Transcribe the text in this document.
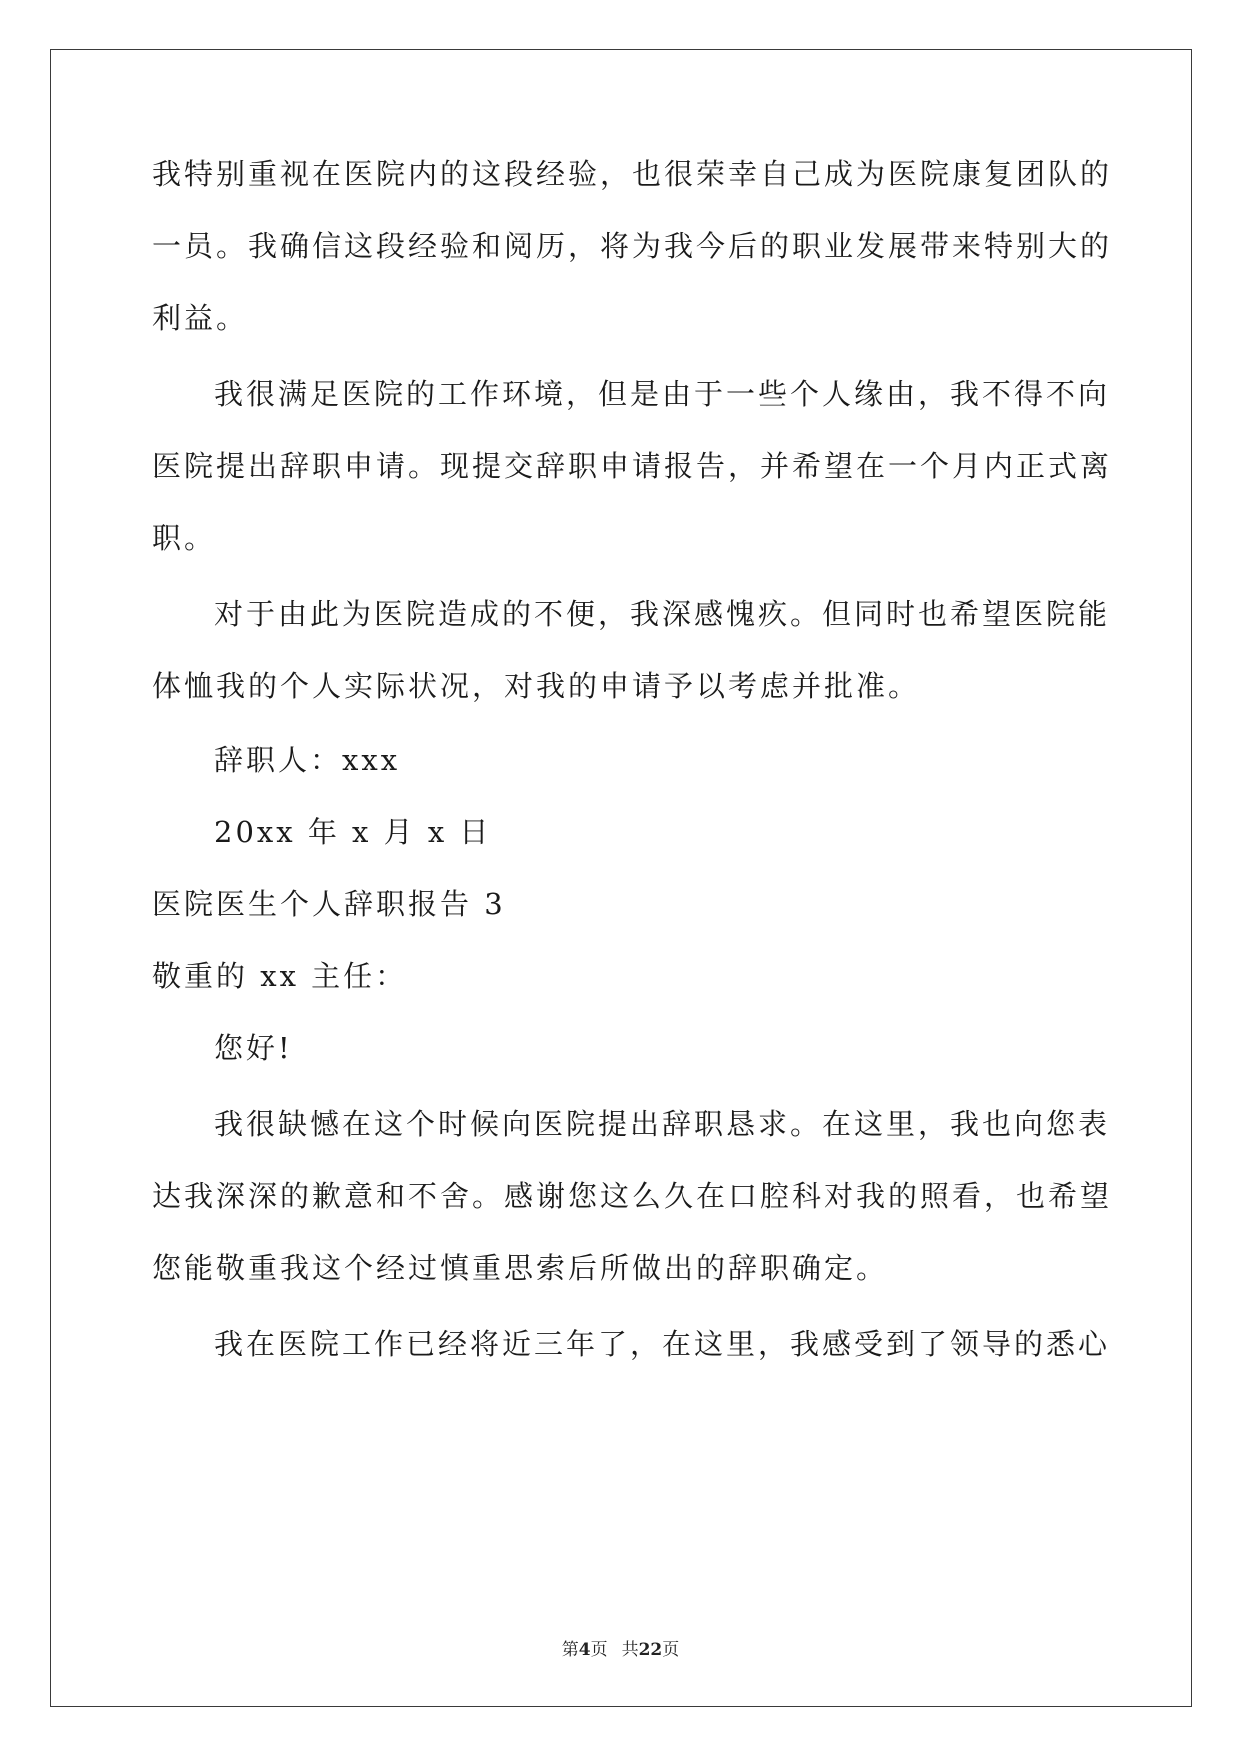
我特别重视在医院内的这段经验，也很荣幸自己成为医院康复团队的
一员。我确信这段经验和阅历，将为我今后的职业发展带来特别大的
利益。
我很满足医院的工作环境，但是由于一些个人缘由，我不得不向
医院提出辞职申请。现提交辞职申请报告，并希望在一个月内正式离
职。
对于由此为医院造成的不便，我深感愧疚。但同时也希望医院能
体恤我的个人实际状况，对我的申请予以考虑并批准。
辞职人：xxx
20xx 年 x 月 x 日
医院医生个人辞职报告 3
敬重的 xx 主任：
您好!
我很缺憾在这个时候向医院提出辞职恳求。在这里，我也向您表
达我深深的歉意和不舍。感谢您这么久在口腔科对我的照看，也希望
您能敬重我这个经过慎重思索后所做出的辞职确定。
我在医院工作已经将近三年了，在这里，我感受到了领导的悉心
第4页 共22页
